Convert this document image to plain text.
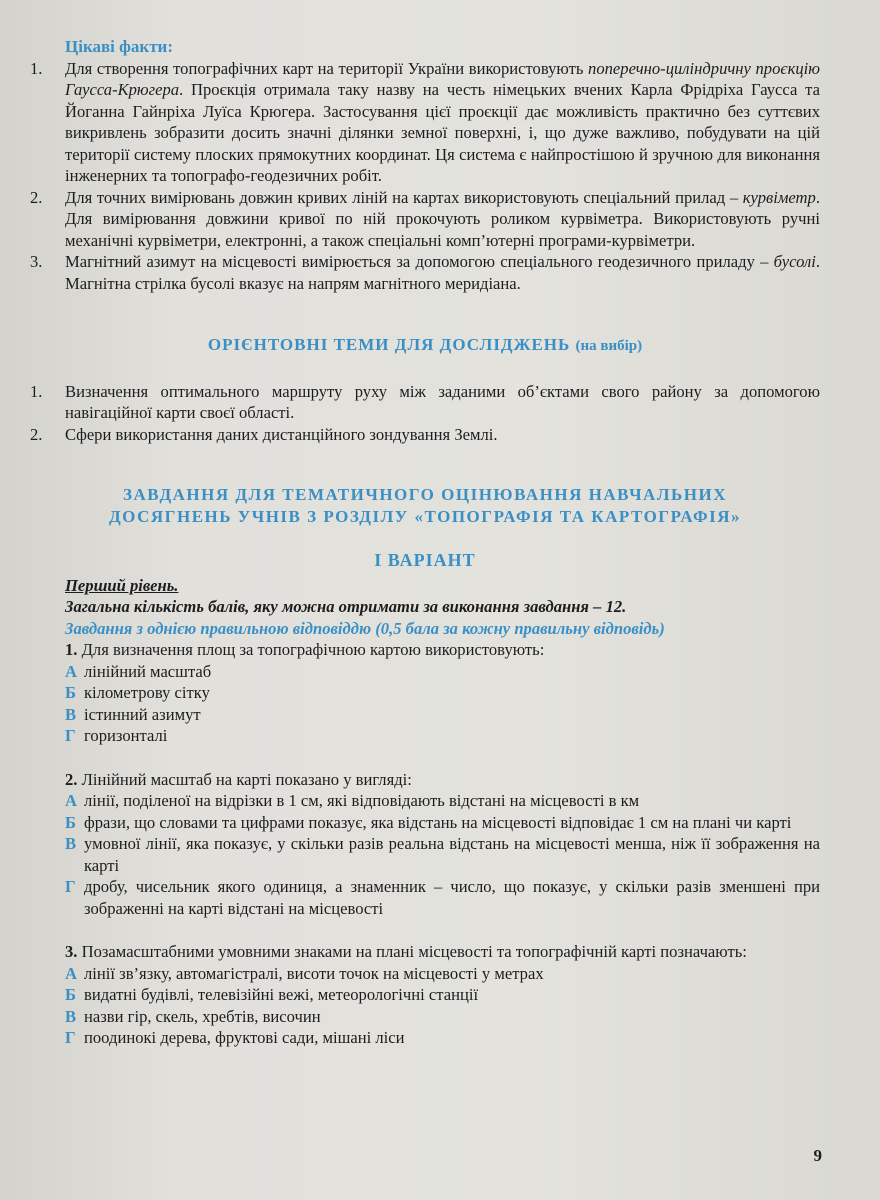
Цікаві факти:
1. Для створення топографічних карт на території України використовують поперечно-циліндричну проєкцію Гаусса-Крюгера. Проєкція отримала таку назву на честь німецьких вчених Карла Фрідріха Гаусса та Йоганна Гайнріха Луїса Крюгера. Застосування цієї проєкції дає можливість практично без суттєвих викривлень зобразити досить значні ділянки земної поверхні, і, що дуже важливо, побудувати на цій території систему плоских прямокутних координат. Ця система є найпростішою й зручною для виконання інженерних та топографо-геодезичних робіт.
2. Для точних вимірювань довжин кривих ліній на картах використовують спеціальний прилад – курвіметр. Для вимірювання довжини кривої по ній прокочують роликом курвіметра. Використовують ручні механічні курвіметри, електронні, а також спеціальні комп’ютерні програми-курвіметри.
3. Магнітний азимут на місцевості вимірюється за допомогою спеціального геодезичного приладу – бусолі. Магнітна стрілка бусолі вказує на напрям магнітного меридіана.
ОРІЄНТОВНІ ТЕМИ ДЛЯ ДОСЛІДЖЕНЬ (на вибір)
1. Визначення оптимального маршруту руху між заданими об’єктами свого району за допомогою навігаційної карти своєї області.
2. Сфери використання даних дистанційного зондування Землі.
ЗАВДАННЯ ДЛЯ ТЕМАТИЧНОГО ОЦІНЮВАННЯ НАВЧАЛЬНИХ
ДОСЯГНЕНЬ УЧНІВ З РОЗДІЛУ «ТОПОГРАФІЯ ТА КАРТОГРАФІЯ»
І ВАРІАНТ
Перший рівень.
Загальна кількість балів, яку можна отримати за виконання завдання – 12.
Завдання з однією правильною відповіддю (0,5 бала за кожну правильну відповідь)
1. Для визначення площ за топографічною картою використовують:
А лінійний масштаб
Б кілометрову сітку
В істинний азимут
Г горизонталі
2. Лінійний масштаб на карті показано у вигляді:
А лінії, поділеної на відрізки в 1 см, які відповідають відстані на місцевості в км
Б фрази, що словами та цифрами показує, яка відстань на місцевості відповідає 1 см на плані чи карті
В умовної лінії, яка показує, у скільки разів реальна відстань на місцевості менша, ніж її зображення на карті
Г дробу, чисельник якого одиниця, а знаменник – число, що показує, у скільки разів зменшені при зображенні на карті відстані на місцевості
3. Позамасштабними умовними знаками на плані місцевості та топографічній карті позначають:
А лінії зв’язку, автомагістралі, висоти точок на місцевості у метрах
Б видатні будівлі, телевізійні вежі, метеорологічні станції
В назви гір, скель, хребтів, височин
Г поодинокі дерева, фруктові сади, мішані ліси
9
